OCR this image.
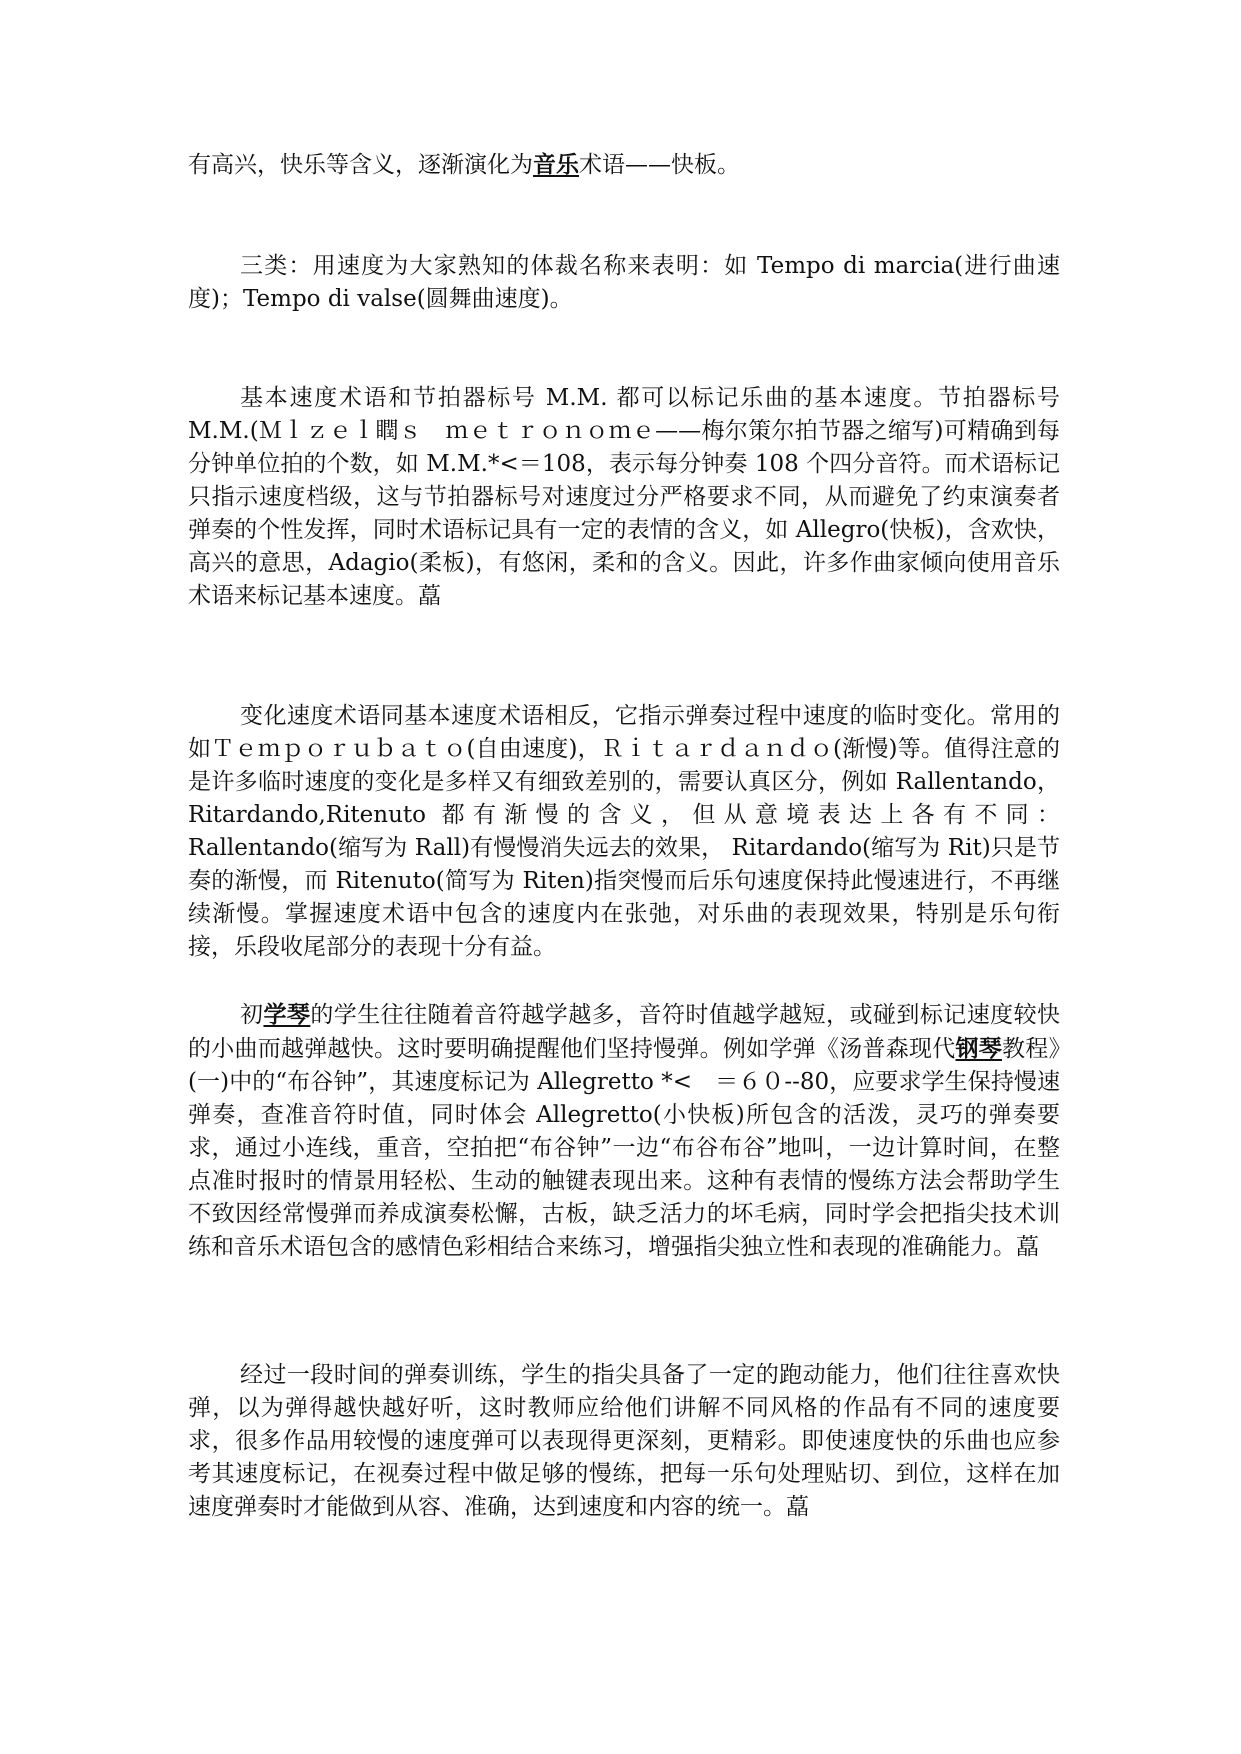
有高兴，快乐等含义，逐渐演化为音乐术语——快板。

三类：用速度为大家熟知的体裁名称来表明：如 Tempo di marcia(进行曲速度)；Tempo di valse(圆舞曲速度)。

基本速度术语和节拍器标号 M.M. 都可以标记乐曲的基本速度。节拍器标号 M.M.(Ｍｌｚｅｌ瞤ｓ　ｍｅｔｒｏｎｏｍｅ——梅尔策尔拍节器之缩写)可精确到每分钟单位拍的个数，如 M.M.*<＝108，表示每分钟奏 108 个四分音符。而术语标记只指示速度档级，这与节拍器标号对速度过分严格要求不同，从而避免了约束演奏者弹奏的个性发挥，同时术语标记具有一定的表情的含义，如 Allegro(快板)，含欢快，高兴的意思，Adagio(柔板)，有悠闲，柔和的含义。因此，许多作曲家倾向使用音乐术语来标记基本速度。藠

变化速度术语同基本速度术语相反，它指示弹奏过程中速度的临时变化。常用的如Ｔｅｍｐｏｒｕｂａｔｏ(自由速度)，Ｒｉｔａｒｄａｎｄｏ(渐慢)等。值得注意的是许多临时速度的变化是多样又有细致差别的，需要认真区分，例如 Rallentando， Ritardando,Ritenuto 都有渐慢的含义，但从意境表达上各有不同：Rallentando(缩写为 Rall)有慢慢消失远去的效果， Ritardando(缩写为 Rit)只是节奏的渐慢，而 Ritenuto(简写为 Riten)指突慢而后乐句速度保持此慢速进行，不再继续渐慢。掌握速度术语中包含的速度内在张弛，对乐曲的表现效果，特别是乐句衔接，乐段收尾部分的表现十分有益。

初学琴的学生往往随着音符越学越多，音符时值越学越短，或碰到标记速度较快的小曲而越弹越快。这时要明确提醒他们坚持慢弹。例如学弹《汤普森现代钢琴教程》(一)中的“布谷钟”，其速度标记为 Allegretto *<　＝６０--80，应要求学生保持慢速弹奏，查准音符时值，同时体会 Allegretto(小快板)所包含的活泼，灵巧的弹奏要求，通过小连线，重音，空拍把“布谷钟”一边“布谷布谷”地叫，一边计算时间，在整点准时报时的情景用轻松、生动的触键表现出来。这种有表情的慢练方法会帮助学生不致因经常慢弹而养成演奏松懈，古板，缺乏活力的坏毛病，同时学会把指尖技术训练和音乐术语包含的感情色彩相结合来练习，增强指尖独立性和表现的准确能力。藠

经过一段时间的弹奏训练，学生的指尖具备了一定的跑动能力，他们往往喜欢快弹，以为弹得越快越好听，这时教师应给他们讲解不同风格的作品有不同的速度要求，很多作品用较慢的速度弹可以表现得更深刻，更精彩。即使速度快的乐曲也应参考其速度标记，在视奏过程中做足够的慢练，把每一乐句处理贴切、到位，这样在加速度弹奏时才能做到从容、准确，达到速度和内容的统一。藠
